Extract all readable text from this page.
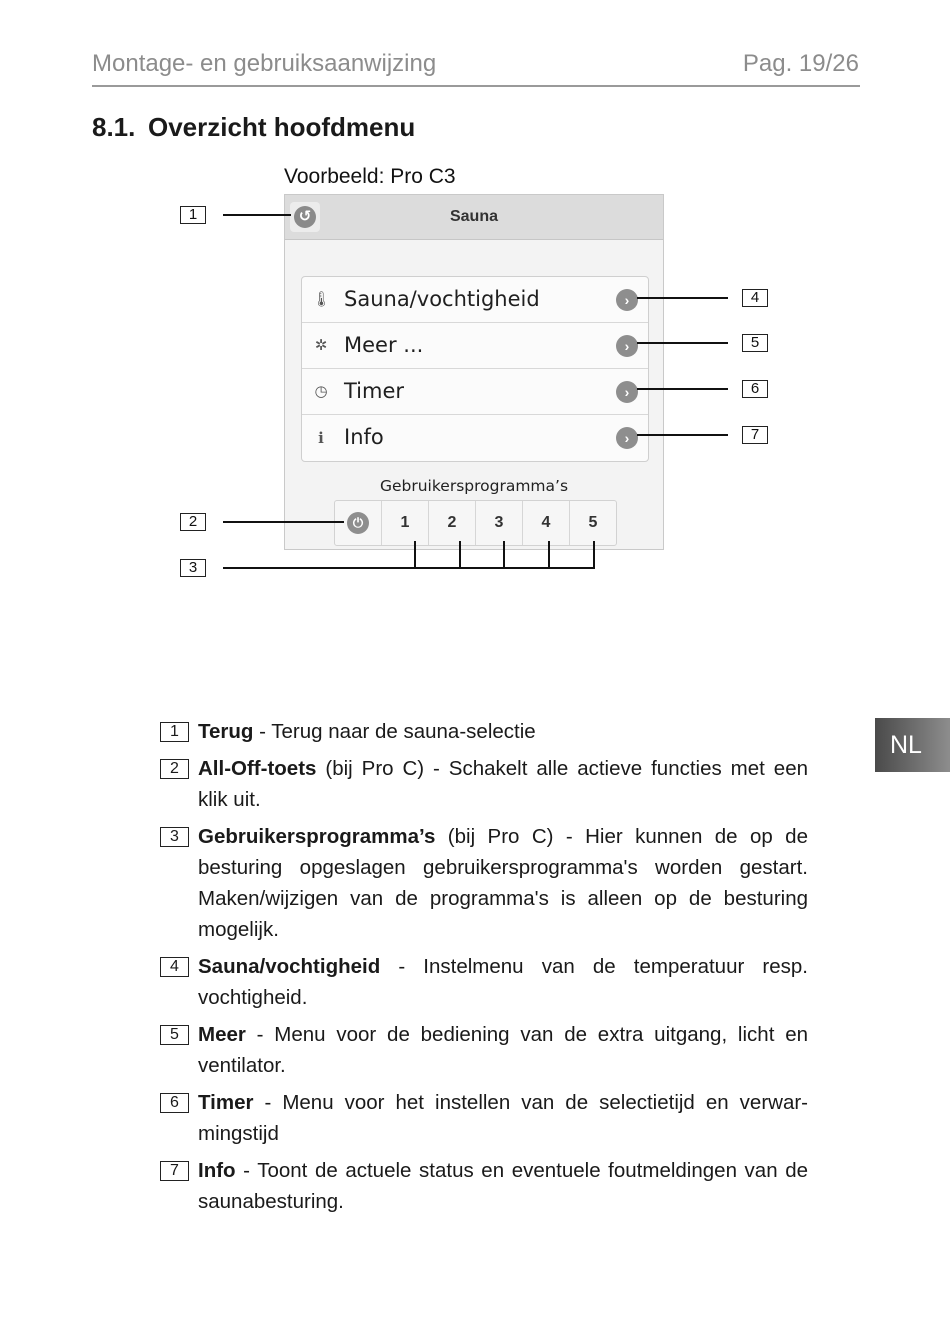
Montage- en gebruiksaanwijzing	Pag. 19/26
8.1. Overzicht hoofdmenu
Voorbeeld: Pro C3
↺	Sauna
🌡 Sauna/vochtigheid	›
✲ Meer ...	›
◷ Timer	›
i Info	›
Gebruikersprogramma’s
⏻	1	2	3	4	5
1
2
3
4
5
6
7
NL
1 Terug - Terug naar de sauna-selectie
2 All-Off-toets (bij Pro C) - Schakelt alle actieve functies met een klik uit.
3 Gebruikersprogramma’s (bij Pro C) - Hier kunnen de op de besturing opgeslagen gebruikersprogramma's worden gestart. Maken/wijzigen van de programma's is alleen op de besturing mogelijk.
4 Sauna/vochtigheid - Instelmenu van de temperatuur resp. vochtigheid.
5 Meer - Menu voor de bediening van de extra uitgang, licht en ventilator.
6 Timer - Menu voor het instellen van de selectietijd en verwar-mingstijd
7 Info - Toont de actuele status en eventuele foutmeldingen van de saunabesturing.
